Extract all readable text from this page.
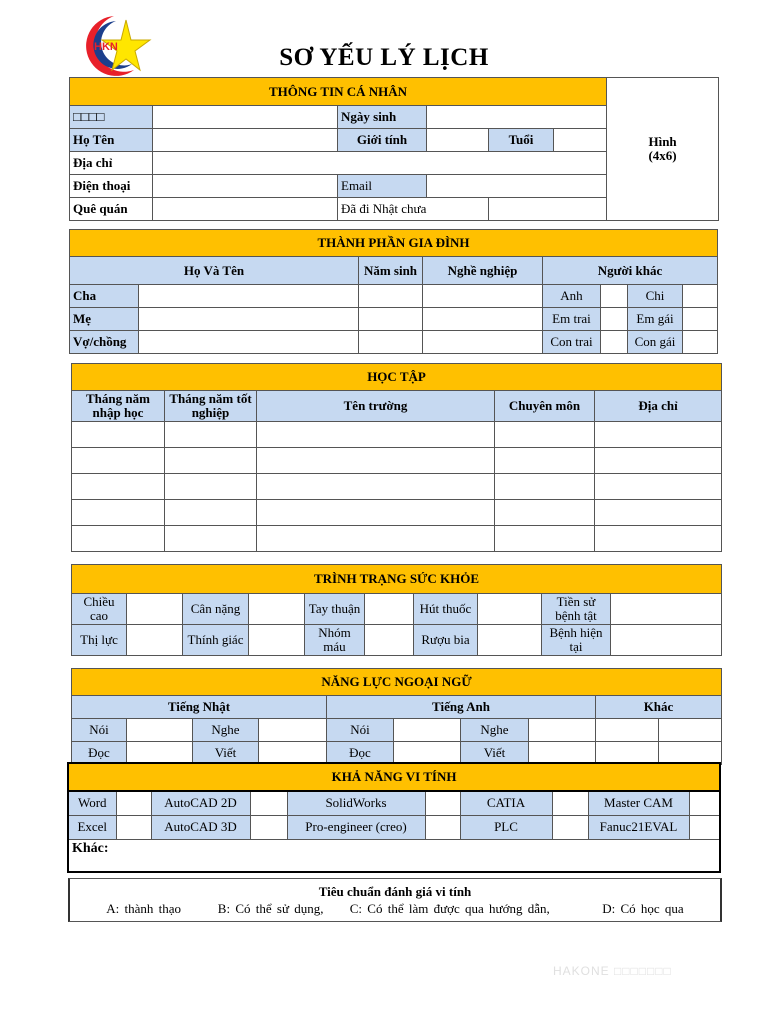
HKN	SƠ YẾU LÝ LỊCH
THÔNG TIN CÁ NHÂN						Hình
(4x6)

□□□□		Ngày sinh				
Họ Tên		Giới tính		Tuổi		
Địa chỉ						
Điện thoại		Email				
Quê quán		Đã đi Nhật chưa				
THÀNH PHẦN GIA ĐÌNH							
Họ Và Tên		Năm sinh	Nghề nghiệp	Người khác			
Cha				Anh		Chi	
Mẹ				Em trai		Em gái	
Vợ/chồng				Con trai		Con gái	
HỌC TẬP				
Tháng năm nhập học	Tháng năm tốt nghiệp	Tên trường	Chuyên môn	Địa chỉ

TRÌNH TRẠNG SỨC KHỎE									
Chiều cao		Cân nặng		Tay thuận		Hút thuốc		Tiền sử bệnh tật	
Thị lực		Thính giác		Nhóm máu		Rượu bia		Bệnh hiện tại	
NĂNG LỰC NGOẠI NGỮ									
Tiếng Nhật				Tiếng Anh				Khác	
Nói		Nghe		Nói		Nghe			
Đọc		Viết		Đọc		Viết			
KHẢ NĂNG VI TÍNH									
Word		AutoCAD 2D		SolidWorks		CATIA		Master CAM	
Excel		AutoCAD 3D		Pro-engineer (creo)		PLC		Fanuc21EVAL	
Khác:									
Tiêu chuẩn đánh giá vi tính
A: thành thạo	B: Có thể sử dụng, C: Có thể làm được qua hướng dẫn,	D: Có học qua
HAKONE □□□□□□□
